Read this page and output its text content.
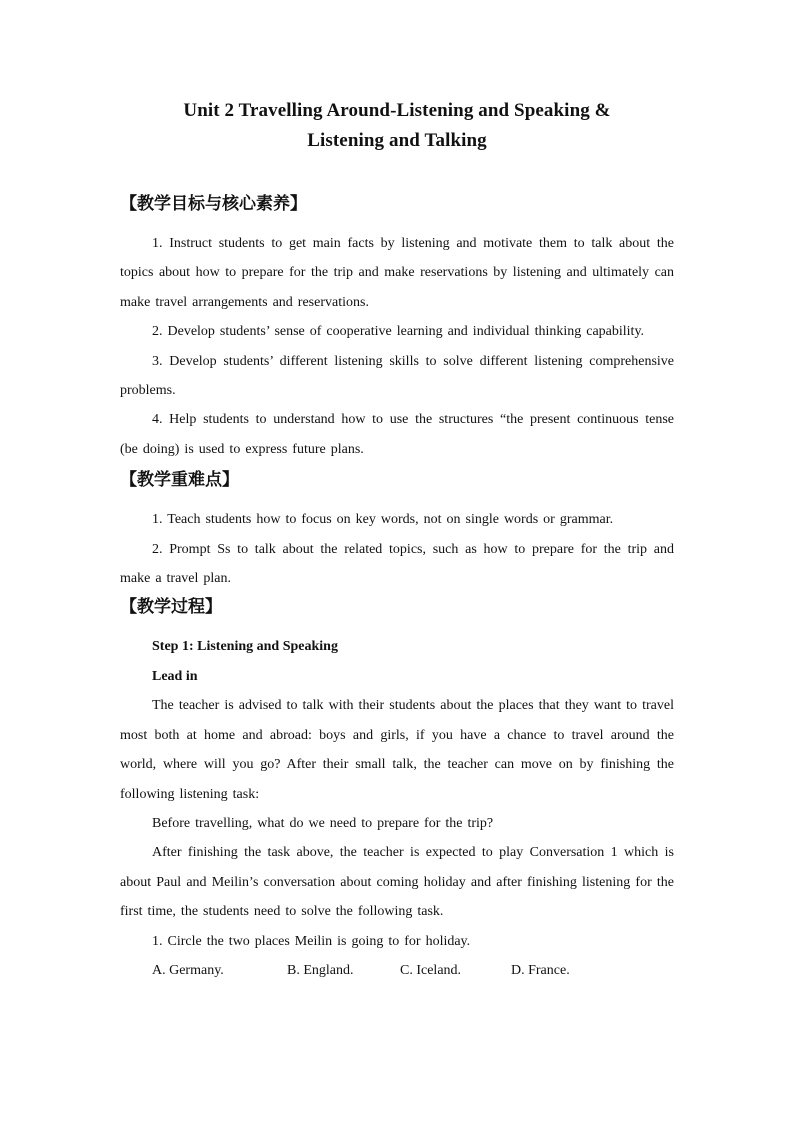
Unit 2 Travelling Around-Listening and Speaking &

Listening and Talking

【教学目标与核心素养】

1. Instruct students to get main facts by listening and motivate them to talk about the topics about how to prepare for the trip and make reservations by listening and ultimately can make travel arrangements and reservations.

2. Develop students’ sense of cooperative learning and individual thinking capability.

3. Develop students’ different listening skills to solve different listening comprehensive problems.

4. Help students to understand how to use the structures “the present continuous tense (be doing) is used to express future plans.

【教学重难点】

1. Teach students how to focus on key words, not on single words or grammar.

2. Prompt Ss to talk about the related topics, such as how to prepare for the trip and make a travel plan.

【教学过程】

Step 1: Listening and Speaking

Lead in

The teacher is advised to talk with their students about the places that they want to travel most both at home and abroad: boys and girls, if you have a chance to travel around the world, where will you go? After their small talk, the teacher can move on by finishing the following listening task:

Before travelling, what do we need to prepare for the trip?

After finishing the task above, the teacher is expected to play Conversation 1 which is about Paul and Meilin’s conversation about coming holiday and after finishing listening for the first time, the students need to solve the following task.

1. Circle the two places Meilin is going to for holiday.

A. Germany.	B. England.	C. Iceland.	D. France.
